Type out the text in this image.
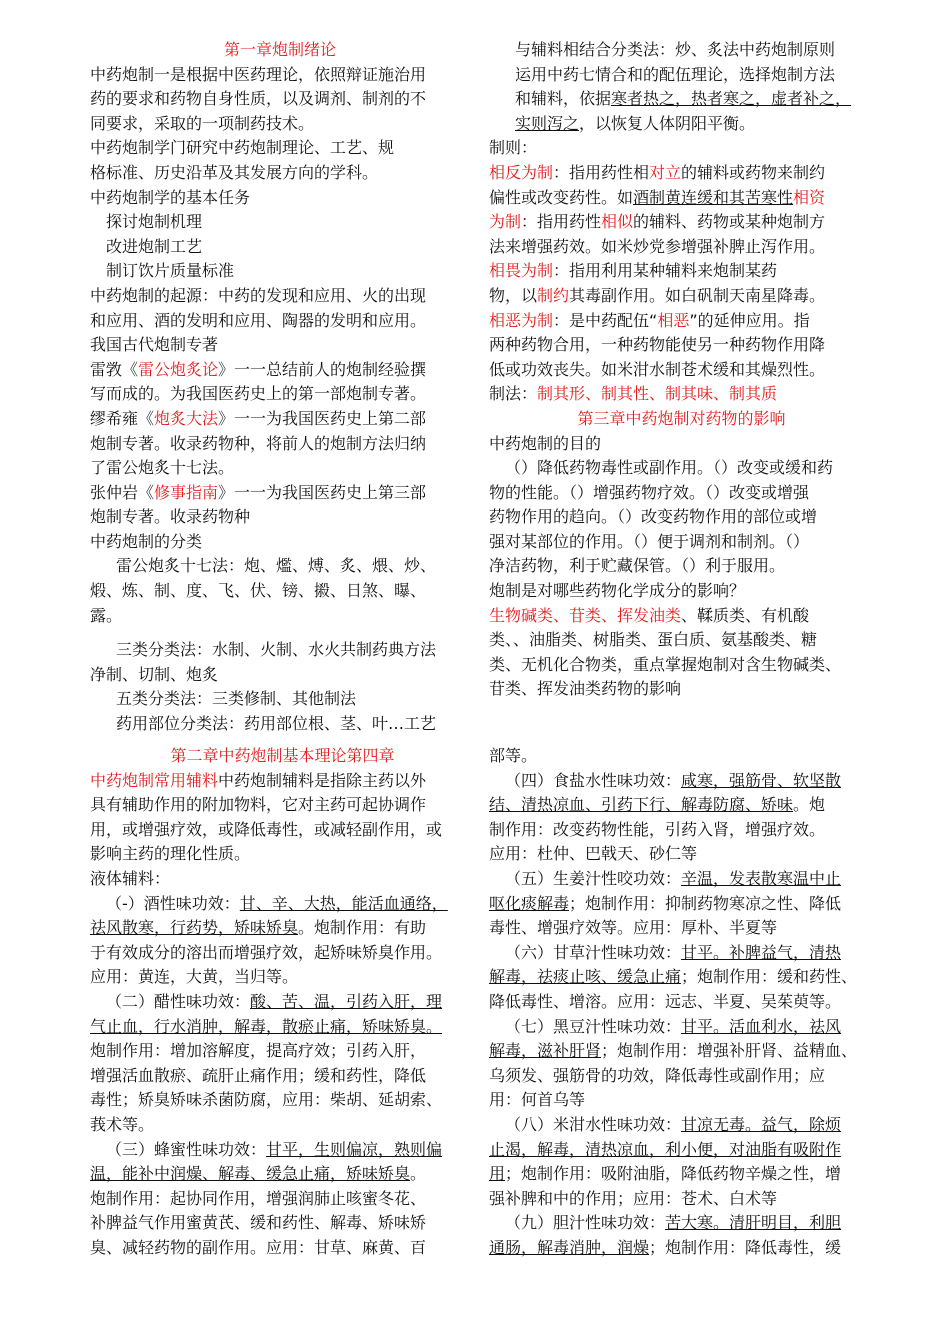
第一章炮制绪论
中药炮制一是根据中医药理论，依照辩证施治用
药的要求和药物自身性质，以及调剂、制剂的不
同要求，采取的一项制药技术。
中药炮制学门研究中药炮制理论、工艺、规
格标准、历史沿革及其发展方向的学科。
中药炮制学的基本任务
探讨炮制机理
改进炮制工艺
制订饮片质量标准
中药炮制的起源：中药的发现和应用、火的出现
和应用、酒的发明和应用、陶器的发明和应用。
我国古代炮制专著
雷敩《雷公炮炙论》一一总结前人的炮制经验撰
写而成的。为我国医药史上的第一部炮制专著。
缪希雍《炮炙大法》一一为我国医药史上第二部
炮制专著。收录药物种，将前人的炮制方法归纳
了雷公炮炙十七法。
张仲岩《修事指南》一一为我国医药史上第三部
炮制专著。收录药物种
中药炮制的分类
雷公炮炙十七法：炮、爁、煿、炙、煨、炒、
煅、炼、制、度、飞、伏、镑、摋、日煞、曝、
露。
三类分类法：水制、火制、水火共制药典方法
净制、切制、炮炙
五类分类法：三类修制、其他制法
药用部位分类法：药用部位根、茎、叶…工艺
与辅料相结合分类法：炒、炙法中药炮制原则
运用中药七情合和的配伍理论，选择炮制方法
和辅料，依据寒者热之，热者寒之，虚者补之，
实则泻之，以恢复人体阴阳平衡。
制则：
相反为制：指用药性相对立的辅料或药物来制约
偏性或改变药性。如酒制黄连缓和其苦寒性相资
为制：指用药性相似的辅料、药物或某种炮制方
法来增强药效。如米炒党参增强补脾止泻作用。
相畏为制：指用利用某种辅料来炮制某药
物，以制约其毒副作用。如白矾制天南星降毒。
相恶为制：是中药配伍“相恶”的延伸应用。指
两种药物合用，一种药物能使另一种药物作用降
低或功效丧失。如米泔水制苍术缓和其燥烈性。
制法：制其形、制其性、制其味、制其质
第三章中药炮制对药物的影响
中药炮制的目的
（）降低药物毒性或副作用。（）改变或缓和药
物的性能。（）增强药物疗效。（）改变或增强
药物作用的趋向。（）改变药物作用的部位或增
强对某部位的作用。（）便于调剂和制剂。（）
净洁药物，利于贮藏保管。（）利于服用。
炮制是对哪些药物化学成分的影响？
生物碱类、苷类、挥发油类、鞣质类、有机酸
类、、油脂类、树脂类、蛋白质、氨基酸类、糖
类、无机化合物类，重点掌握炮制对含生物碱类、
苷类、挥发油类药物的影响
第二章中药炮制基本理论第四章
中药炮制常用辅料中药炮制辅料是指除主药以外
具有辅助作用的附加物料，它对主药可起协调作
用，或增强疗效，或降低毒性，或减轻副作用，或
影响主药的理化性质。
液体辅料：
（-）酒性味功效：甘、辛、大热，能活血通络，
祛风散寒，行药势，矫味矫臭。炮制作用：有助
于有效成分的溶出而增强疗效，起矫味矫臭作用。
应用：黄连，大黄，当归等。
（二）醋性味功效：酸、苦、温，引药入肝，理
气止血，行水消肿，解毒，散瘀止痛，矫味矫臭。
炮制作用：增加溶解度，提高疗效；引药入肝，
增强活血散瘀、疏肝止痛作用；缓和药性，降低
毒性；矫臭矫味杀菌防腐，应用：柴胡、延胡索、
莪术等。
（三）蜂蜜性味功效：甘平，生则偏凉，熟则偏
温，能补中润燥、解毒、缓急止痛，矫味矫臭。
炮制作用：起协同作用，增强润肺止咳蜜冬花、
补脾益气作用蜜黄芪、缓和药性、解毒、矫味矫
臭、减轻药物的副作用。应用：甘草、麻黄、百
部等。
（四）食盐水性味功效：咸寒，强筋骨、软坚散
结、清热凉血、引药下行、解毒防腐、矫味。炮
制作用：改变药物性能，引药入肾，增强疗效。
应用：杜仲、巴戟天、砂仁等
（五）生姜汁性咬功效：辛温，发表散寒温中止
呕化痰解毒；炮制作用：抑制药物寒凉之性、降低
毒性、增强疗效等。应用：厚朴、半夏等
（六）甘草汁性味功效：甘平。补脾益气，清热
解毒，祛痰止咳、缓急止痛；炮制作用：缓和药性、
降低毒性、增溶。应用：远志、半夏、吴茱萸等。
（七）黑豆汁性味功效：甘平。活血利水，祛风
解毒，滋补肝肾；炮制作用：增强补肝肾、益精血、
乌须发、强筋骨的功效，降低毒性或副作用；应
用：何首乌等
（八）米泔水性味功效：甘凉无毒。益气，除烦
止渴，解毒，清热凉血，利小便，对油脂有吸附作
用；炮制作用：吸附油脂，降低药物辛燥之性，增
强补脾和中的作用；应用：苍术、白术等
（九）胆汁性味功效：苦大寒。清肝明目，利胆
通肠，解毒消肿，润燥；炮制作用：降低毒性，缓
